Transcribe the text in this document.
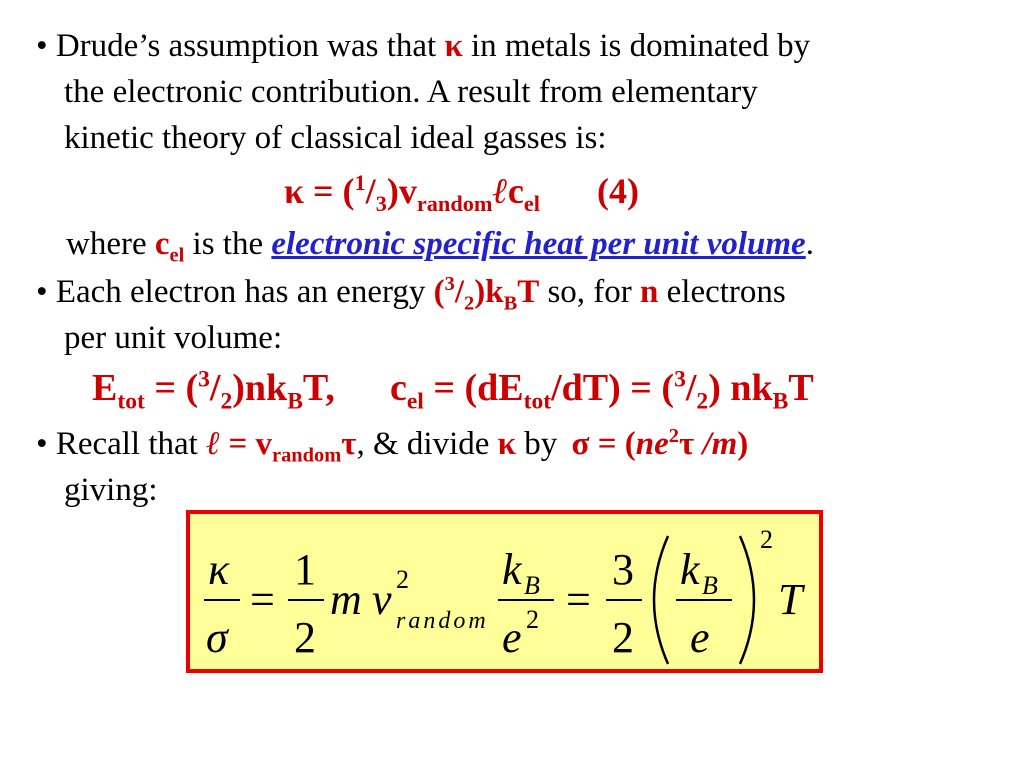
• Drude’s assumption was that κ in metals is dominated by
the electronic contribution. A result from elementary
kinetic theory of classical ideal gasses is:
$\kappa = (^1/_3)v_{random}\ell c_{el}$ (4)
where $c_{el}$ is the electronic specific heat per unit volume.
• Each electron has an energy $(^3/_2)k_BT$ so, for n electrons
per unit volume:
$E_{tot} = (^3/_2)nk_BT$, $c_{el} = (dE_{tot}/dT) = (^3/_2)$ $nk_BT$
• Recall that ℓ = $v_{random}\tau$, & divide κ by $\sigma = (ne^2\tau$ /m)
giving:
κ
σ
=
1
2
m v 2
random
k B
e 2 =
3
2
k B
e
2
T
